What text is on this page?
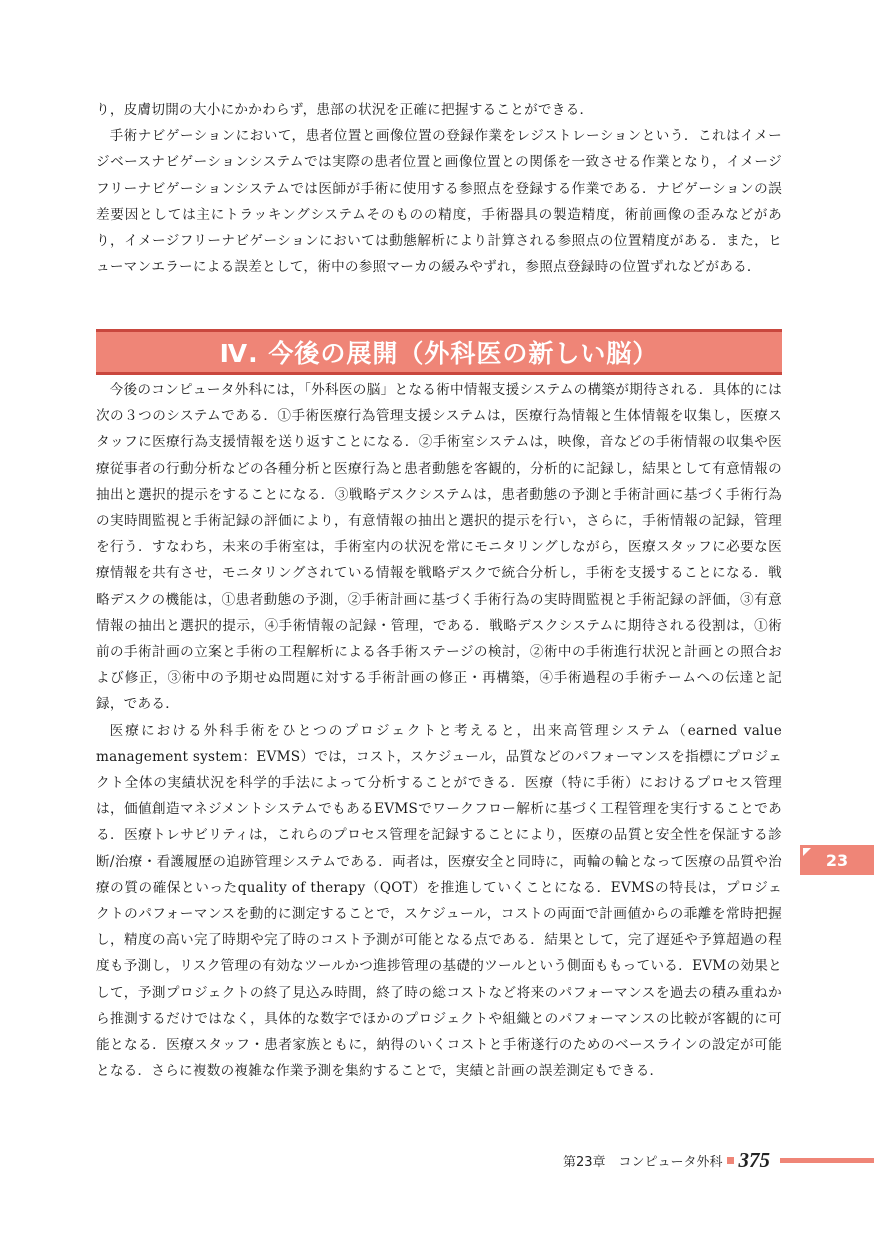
り，皮膚切開の大小にかかわらず，患部の状況を正確に把握することができる．

手術ナビゲーションにおいて，患者位置と画像位置の登録作業をレジストレーションという．これはイメージベースナビゲーションシステムでは実際の患者位置と画像位置との関係を一致させる作業となり，イメージフリーナビゲーションシステムでは医師が手術に使用する参照点を登録する作業である．ナビゲーションの誤差要因としては主にトラッキングシステムそのものの精度，手術器具の製造精度，術前画像の歪みなどがあり，イメージフリーナビゲーションにおいては動態解析により計算される参照点の位置精度がある．また，ヒューマンエラーによる誤差として，術中の参照マーカの緩みやずれ，参照点登録時の位置ずれなどがある．

Ⅳ. 今後の展開（外科医の新しい脳）

今後のコンピュータ外科には，「外科医の脳」となる術中情報支援システムの構築が期待される．具体的には次の３つのシステムである．①手術医療行為管理支援システムは，医療行為情報と生体情報を収集し，医療スタッフに医療行為支援情報を送り返すことになる．②手術室システムは，映像，音などの手術情報の収集や医療従事者の行動分析などの各種分析と医療行為と患者動態を客観的，分析的に記録し，結果として有意情報の抽出と選択的提示をすることになる．③戦略デスクシステムは，患者動態の予測と手術計画に基づく手術行為の実時間監視と手術記録の評価により，有意情報の抽出と選択的提示を行い，さらに，手術情報の記録，管理を行う．すなわち，未来の手術室は，手術室内の状況を常にモニタリングしながら，医療スタッフに必要な医療情報を共有させ，モニタリングされている情報を戦略デスクで統合分析し，手術を支援することになる．戦略デスクの機能は，①患者動態の予測，②手術計画に基づく手術行為の実時間監視と手術記録の評価，③有意情報の抽出と選択的提示，④手術情報の記録・管理，である．戦略デスクシステムに期待される役割は，①術前の手術計画の立案と手術の工程解析による各手術ステージの検討，②術中の手術進行状況と計画との照合および修正，③術中の予期せぬ問題に対する手術計画の修正・再構築，④手術過程の手術チームへの伝達と記録，である．

医療における外科手術をひとつのプロジェクトと考えると，出来高管理システム（earned value management system：EVMS）では，コスト，スケジュール，品質などのパフォーマンスを指標にプロジェクト全体の実績状況を科学的手法によって分析することができる．医療（特に手術）におけるプロセス管理は，価値創造マネジメントシステムでもあるEVMSでワークフロー解析に基づく工程管理を実行することである．医療トレサビリティは，これらのプロセス管理を記録することにより，医療の品質と安全性を保証する診断/治療・看護履歴の追跡管理システムである．両者は，医療安全と同時に，両輪の輪となって医療の品質や治療の質の確保といったquality of therapy（QOT）を推進していくことになる．EVMSの特長は，プロジェクトのパフォーマンスを動的に測定することで，スケジュール，コストの両面で計画値からの乖離を常時把握し，精度の高い完了時期や完了時のコスト予測が可能となる点である．結果として，完了遅延や予算超過の程度も予測し，リスク管理の有効なツールかつ進捗管理の基礎的ツールという側面ももっている．EVMの効果として，予測プロジェクトの終了見込み時間，終了時の総コストなど将来のパフォーマンスを過去の積み重ねから推測するだけではなく，具体的な数字でほかのプロジェクトや組織とのパフォーマンスの比較が客観的に可能となる．医療スタッフ・患者家族ともに，納得のいくコストと手術遂行のためのベースラインの設定が可能となる．さらに複数の複雑な作業予測を集約することで，実績と計画の誤差測定もできる．

23
第23章　コンピュータ外科 375
